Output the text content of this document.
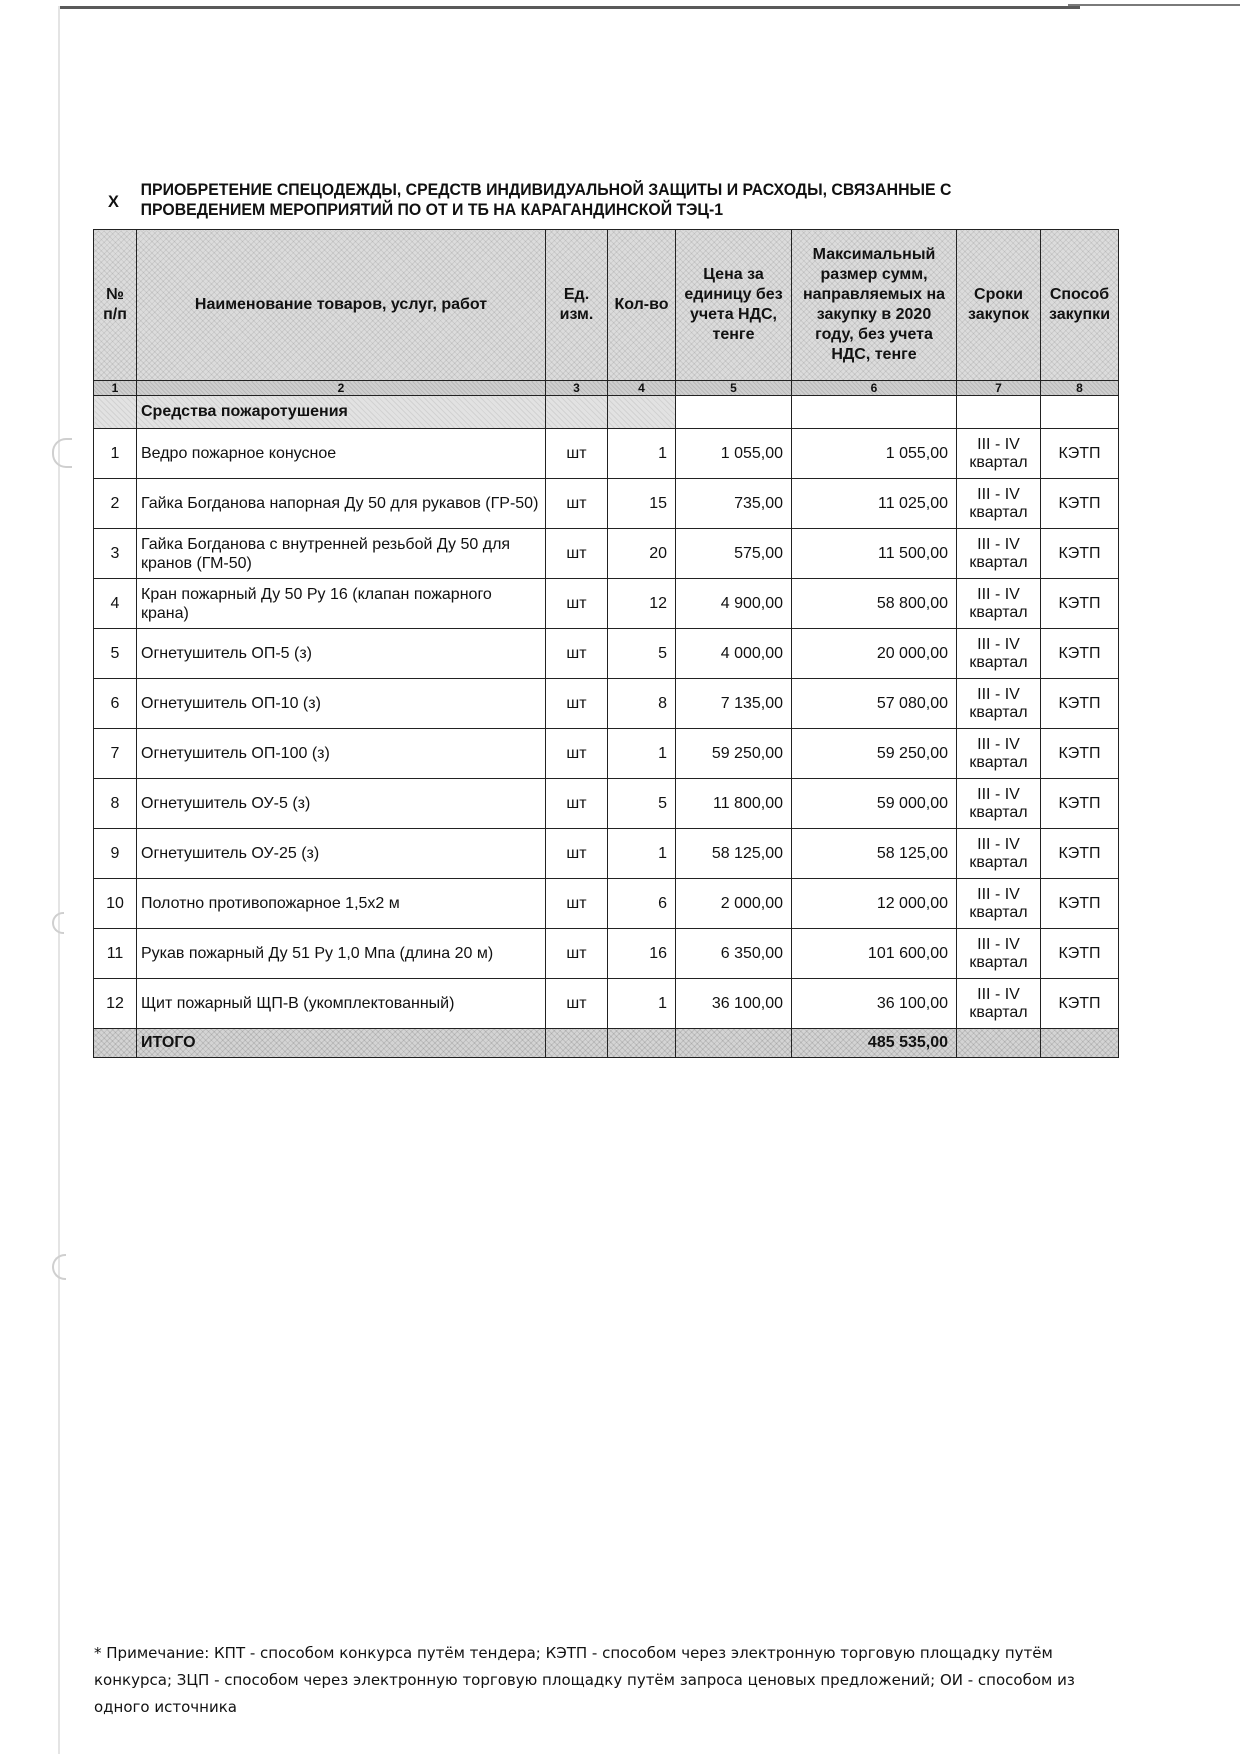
X
ПРИОБРЕТЕНИЕ СПЕЦОДЕЖДЫ, СРЕДСТВ ИНДИВИДУАЛЬНОЙ ЗАЩИТЫ И РАСХОДЫ, СВЯЗАННЫЕ С ПРОВЕДЕНИЕМ МЕРОПРИЯТИЙ ПО ОТ И ТБ НА КАРАГАНДИНСКОЙ ТЭЦ-1
№ п/п	Наименование товаров, услуг, работ	Ед. изм.	Кол-во	Цена за единицу без учета НДС, тенге	Максимальный размер сумм, направляемых на закупку в 2020 году, без учета НДС, тенге	Сроки закупок	Способ закупки
1	2	3	4	5	6	7	8
	Средства пожаротушения						
1	Ведро пожарное конусное	шт	1	1 055,00	1 055,00	III - IV квартал	КЭТП
2	Гайка Богданова напорная Ду 50 для рукавов (ГР-50)	шт	15	735,00	11 025,00	III - IV квартал	КЭТП
3	Гайка Богданова с внутренней резьбой Ду 50 для кранов (ГМ-50)	шт	20	575,00	11 500,00	III - IV квартал	КЭТП
4	Кран пожарный Ду 50 Ру 16 (клапан пожарного крана)	шт	12	4 900,00	58 800,00	III - IV квартал	КЭТП
5	Огнетушитель ОП-5 (з)	шт	5	4 000,00	20 000,00	III - IV квартал	КЭТП
6	Огнетушитель ОП-10 (з)	шт	8	7 135,00	57 080,00	III - IV квартал	КЭТП
7	Огнетушитель ОП-100 (з)	шт	1	59 250,00	59 250,00	III - IV квартал	КЭТП
8	Огнетушитель ОУ-5 (з)	шт	5	11 800,00	59 000,00	III - IV квартал	КЭТП
9	Огнетушитель ОУ-25 (з)	шт	1	58 125,00	58 125,00	III - IV квартал	КЭТП
10	Полотно противопожарное 1,5х2 м	шт	6	2 000,00	12 000,00	III - IV квартал	КЭТП
11	Рукав пожарный Ду 51 Ру 1,0 Мпа (длина 20 м)	шт	16	6 350,00	101 600,00	III - IV квартал	КЭТП
12	Щит пожарный ЩП-В (укомплектованный)	шт	1	36 100,00	36 100,00	III - IV квартал	КЭТП
	ИТОГО				485 535,00		
* Примечание: КПТ - способом конкурса путём тендера; КЭТП - способом через электронную торговую площадку путём конкурса; ЗЦП - способом через электронную торговую площадку путём запроса ценовых предложений; ОИ - способом из одного источника
